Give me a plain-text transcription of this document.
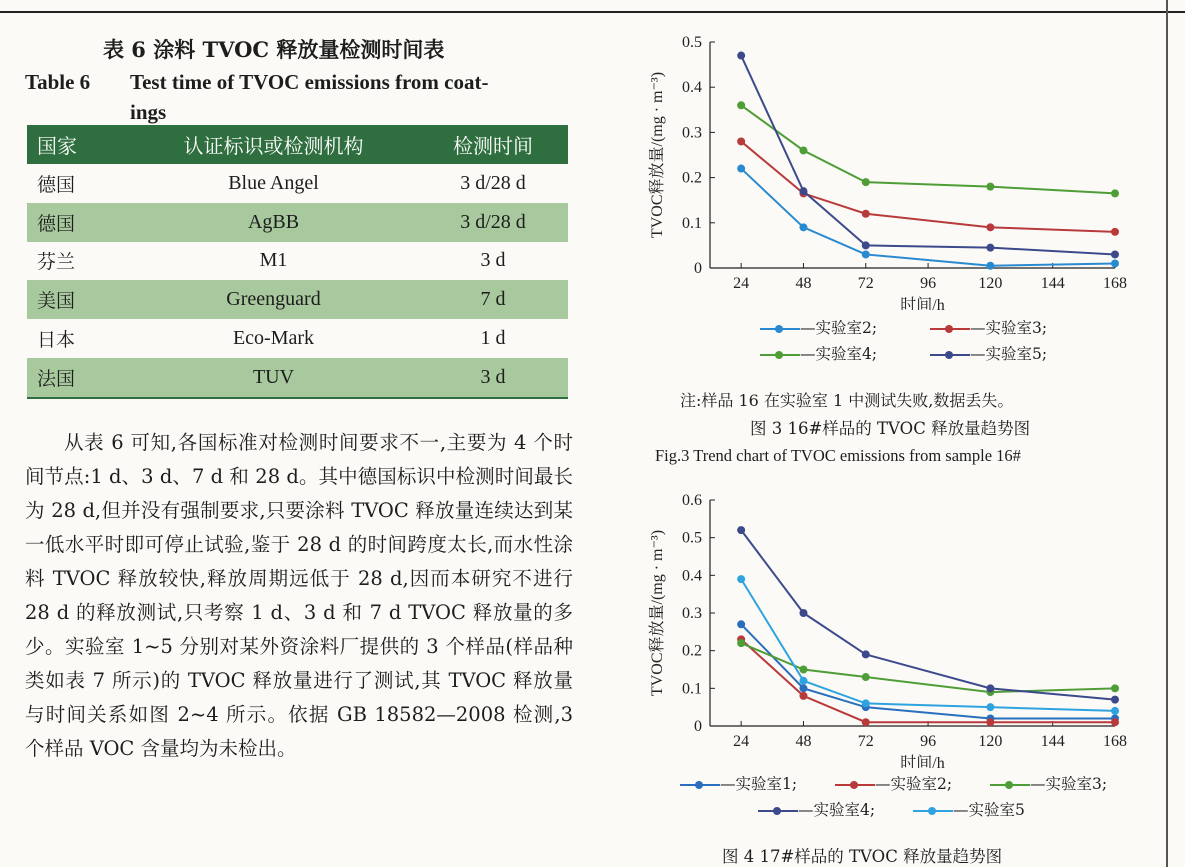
表 6 涂料 TVOC 释放量检测时间表
Table 6 Test time of TVOC emissions from coat-
ings
国家	认证标识或检测机构	检测时间
德国	Blue Angel	3 d/28 d
德国	AgBB	3 d/28 d
芬兰	M1	3 d
美国	Greenguard	7 d
日本	Eco-Mark	1 d
法国	TUV	3 d

从表 6 可知,各国标准对检测时间要求不一,主要为 4 个时间节点:1 d、3 d、7 d 和 28 d。其中德国标识中检测时间最长为 28 d,但并没有强制要求,只要涂料 TVOC 释放量连续达到某一低水平时即可停止试验,鉴于 28 d 的时间跨度太长,而水性涂料 TVOC 释放较快,释放周期远低于 28 d,因而本研究不进行 28 d 的释放测试,只考察 1 d、3 d 和 7 d TVOC 释放量的多少。实验室 1~5 分别对某外资涂料厂提供的 3 个样品(样品种类如表 7 所示)的 TVOC 释放量进行了测试,其 TVOC 释放量与时间关系如图 2~4 所示。依据 GB 18582—2008 检测,3 个样品 VOC 含量均为未检出。

0
0.1
0.2
0.3
0.4
0.5
24	48	72	96	120 144 168
时间/h
TVOC释放量/(mg · m⁻³)
—实验室2;	—实验室3;
—实验室4;	—实验室5;
注:样品 16 在实验室 1 中测试失败,数据丢失。
图 3 16#样品的 TVOC 释放量趋势图
Fig.3 Trend chart of TVOC emissions from sample 16#
0
0.1
0.2
0.3
0.4
0.5
0.6
24	48	72	96	120 144 168
时间/h
TVOC释放量/(mg · m⁻³)
—实验室1;	—实验室2;	—实验室3;
—实验室4;	—实验室5
图 4 17#样品的 TVOC 释放量趋势图
